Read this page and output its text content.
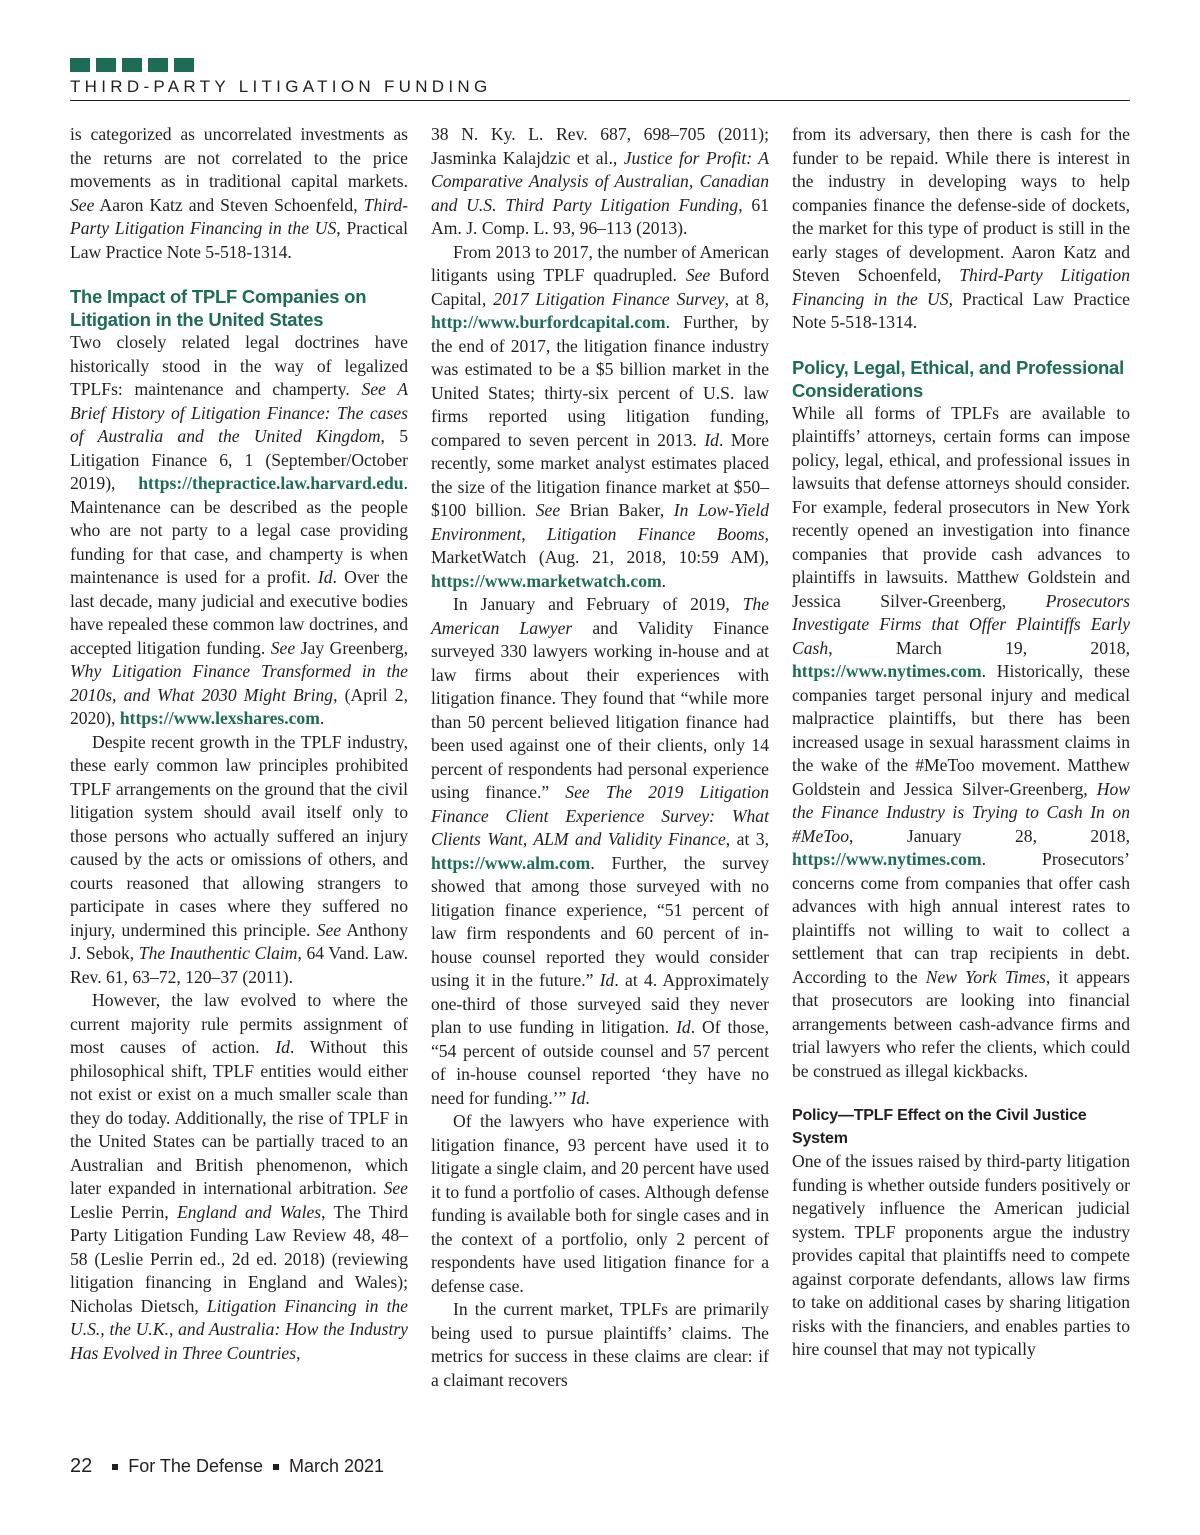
THIRD-PARTY LITIGATION FUNDING

is categorized as uncorrelated investments as the returns are not correlated to the price movements as in traditional capital markets. See Aaron Katz and Steven Schoenfeld, Third-Party Litigation Financing in the US, Practical Law Practice Note 5-518-1314.

The Impact of TPLF Companies on Litigation in the United States

Two closely related legal doctrines have historically stood in the way of legalized TPLFs: maintenance and champerty. See A Brief History of Litigation Finance: The cases of Australia and the United Kingdom, 5 Litigation Finance 6, 1 (September/October 2019), https://thepractice.law.harvard.edu. Maintenance can be described as the people who are not party to a legal case providing funding for that case, and champerty is when maintenance is used for a profit. Id. Over the last decade, many judicial and executive bodies have repealed these common law doctrines, and accepted litigation funding. See Jay Greenberg, Why Litigation Finance Transformed in the 2010s, and What 2030 Might Bring, (April 2, 2020), https://www.lexshares.com.

Despite recent growth in the TPLF industry, these early common law principles prohibited TPLF arrangements on the ground that the civil litigation system should avail itself only to those persons who actually suffered an injury caused by the acts or omissions of others, and courts reasoned that allowing strangers to participate in cases where they suffered no injury, undermined this principle. See Anthony J. Sebok, The Inauthentic Claim, 64 Vand. Law. Rev. 61, 63–72, 120–37 (2011).

However, the law evolved to where the current majority rule permits assignment of most causes of action. Id. Without this philosophical shift, TPLF entities would either not exist or exist on a much smaller scale than they do today. Additionally, the rise of TPLF in the United States can be partially traced to an Australian and British phenomenon, which later expanded in international arbitration. See Leslie Perrin, England and Wales, The Third Party Litigation Funding Law Review 48, 48–58 (Leslie Perrin ed., 2d ed. 2018) (reviewing litigation financing in England and Wales); Nicholas Dietsch, Litigation Financing in the U.S., the U.K., and Australia: How the Industry Has Evolved in Three Countries,

38 N. Ky. L. Rev. 687, 698–705 (2011); Jasminka Kalajdzic et al., Justice for Profit: A Comparative Analysis of Australian, Canadian and U.S. Third Party Litigation Funding, 61 Am. J. Comp. L. 93, 96–113 (2013).

From 2013 to 2017, the number of American litigants using TPLF quadrupled. See Buford Capital, 2017 Litigation Finance Survey, at 8, http://www.burfordcapital.com. Further, by the end of 2017, the litigation finance industry was estimated to be a $5 billion market in the United States; thirty-six percent of U.S. law firms reported using litigation funding, compared to seven percent in 2013. Id. More recently, some market analyst estimates placed the size of the litigation finance market at $50–$100 billion. See Brian Baker, In Low-Yield Environment, Litigation Finance Booms, MarketWatch (Aug. 21, 2018, 10:59 AM), https://www.marketwatch.com.

In January and February of 2019, The American Lawyer and Validity Finance surveyed 330 lawyers working in-house and at law firms about their experiences with litigation finance. They found that “while more than 50 percent believed litigation finance had been used against one of their clients, only 14 percent of respondents had personal experience using finance.” See The 2019 Litigation Finance Client Experience Survey: What Clients Want, ALM and Validity Finance, at 3, https://www.alm.com. Further, the survey showed that among those surveyed with no litigation finance experience, “51 percent of law firm respondents and 60 percent of in-house counsel reported they would consider using it in the future.” Id. at 4. Approximately one-third of those surveyed said they never plan to use funding in litigation. Id. Of those, “54 percent of outside counsel and 57 percent of in-house counsel reported ‘they have no need for funding.’” Id.

Of the lawyers who have experience with litigation finance, 93 percent have used it to litigate a single claim, and 20 percent have used it to fund a portfolio of cases. Although defense funding is available both for single cases and in the context of a portfolio, only 2 percent of respondents have used litigation finance for a defense case.

In the current market, TPLFs are primarily being used to pursue plaintiffs’ claims. The metrics for success in these claims are clear: if a claimant recovers

from its adversary, then there is cash for the funder to be repaid. While there is interest in the industry in developing ways to help companies finance the defense-side of dockets, the market for this type of product is still in the early stages of development. Aaron Katz and Steven Schoenfeld, Third-Party Litigation Financing in the US, Practical Law Practice Note 5-518-1314.

Policy, Legal, Ethical, and Professional Considerations

While all forms of TPLFs are available to plaintiffs’ attorneys, certain forms can impose policy, legal, ethical, and professional issues in lawsuits that defense attorneys should consider. For example, federal prosecutors in New York recently opened an investigation into finance companies that provide cash advances to plaintiffs in lawsuits. Matthew Goldstein and Jessica Silver-Greenberg, Prosecutors Investigate Firms that Offer Plaintiffs Early Cash, March 19, 2018, https://www.nytimes.com. Historically, these companies target personal injury and medical malpractice plaintiffs, but there has been increased usage in sexual harassment claims in the wake of the #MeToo movement. Matthew Goldstein and Jessica Silver-Greenberg, How the Finance Industry is Trying to Cash In on #MeToo, January 28, 2018, https://www.nytimes.com. Prosecutors’ concerns come from companies that offer cash advances with high annual interest rates to plaintiffs not willing to wait to collect a settlement that can trap recipients in debt. According to the New York Times, it appears that prosecutors are looking into financial arrangements between cash-advance firms and trial lawyers who refer the clients, which could be construed as illegal kickbacks.

Policy—TPLF Effect on the Civil Justice System

One of the issues raised by third-party litigation funding is whether outside funders positively or negatively influence the American judicial system. TPLF proponents argue the industry provides capital that plaintiffs need to compete against corporate defendants, allows law firms to take on additional cases by sharing litigation risks with the financiers, and enables parties to hire counsel that may not typically

22 For The Defense March 2021
